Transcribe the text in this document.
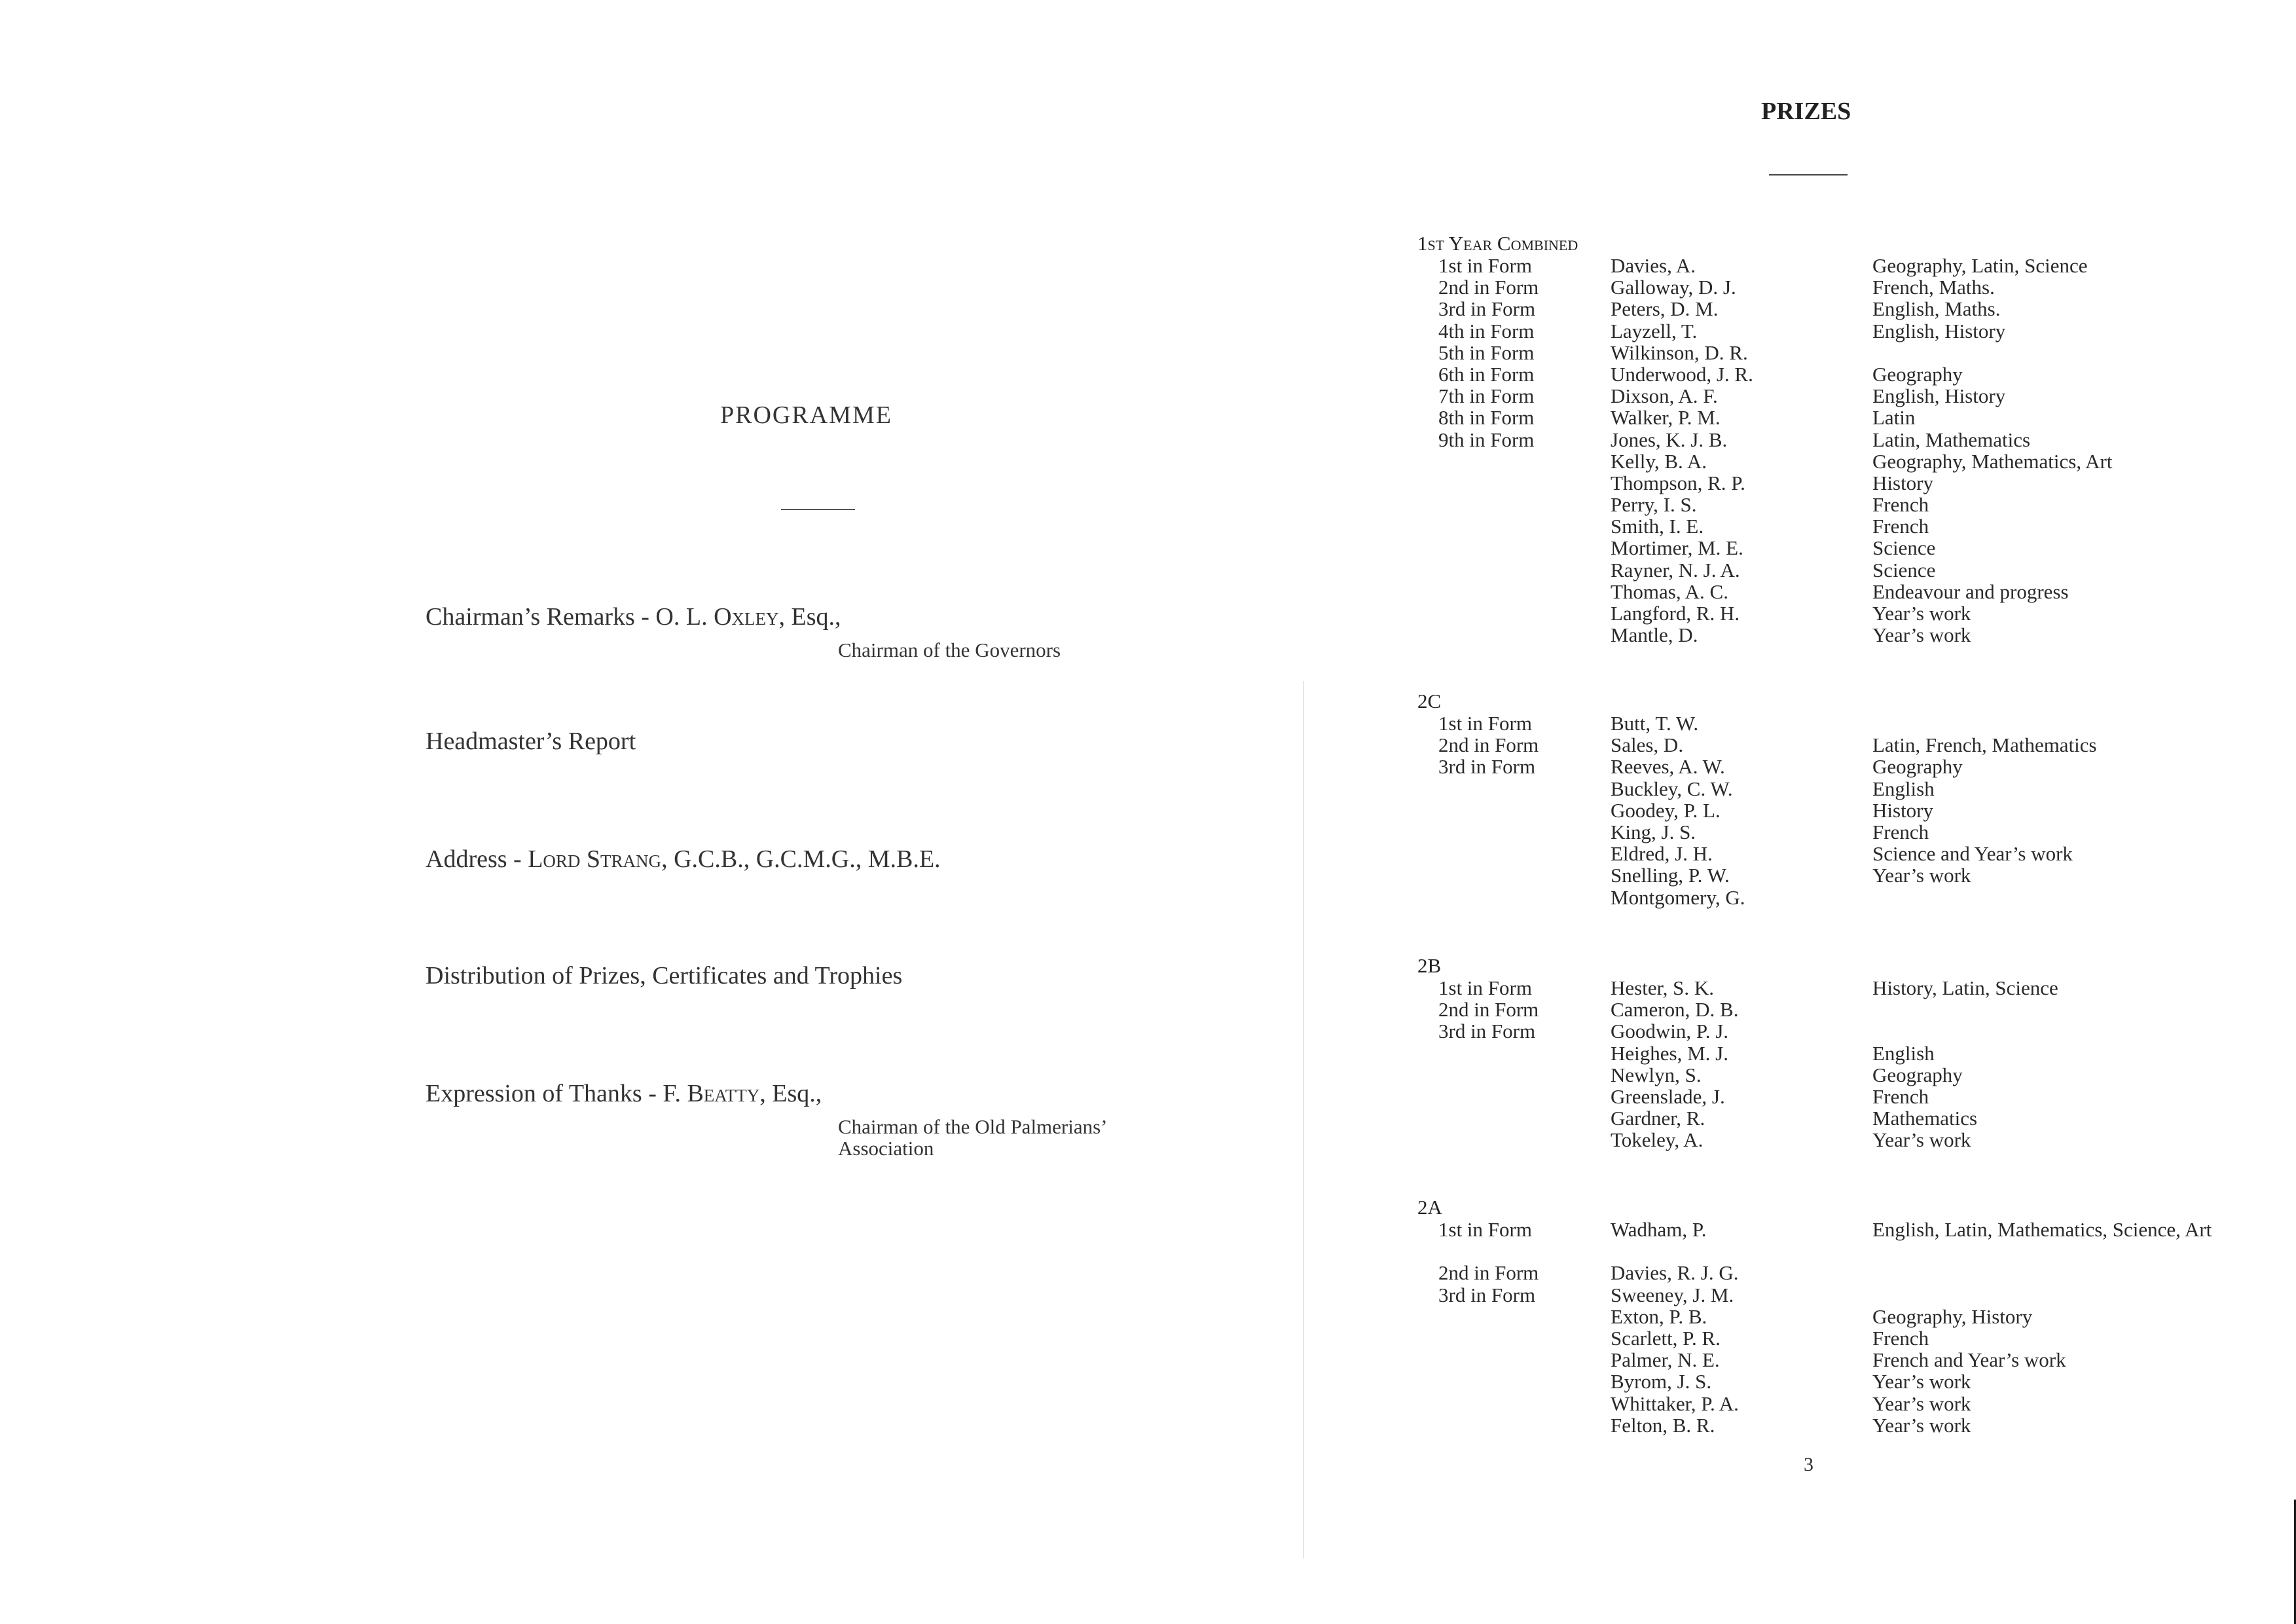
PROGRAMME
Chairman’s Remarks - O. L. Oxley, Esq.,
Chairman of the Governors
Headmaster’s Report
Address - Lord Strang, G.C.B., G.C.M.G., M.B.E.
Distribution of Prizes, Certificates and Trophies
Expression of Thanks - F. Beatty, Esq.,
Chairman of the Old Palmerians’
Association
PRIZES
1st Year Combined
1st in Form	Davies, A.	Geography, Latin, Science
2nd in Form	Galloway, D. J.	French, Maths.
3rd in Form	Peters, D. M.	English, Maths.
4th in Form	Layzell, T.	English, History
5th in Form	Wilkinson, D. R.
6th in Form	Underwood, J. R.	Geography
7th in Form	Dixson, A. F.	English, History
8th in Form	Walker, P. M.	Latin
9th in Form	Jones, K. J. B.	Latin, Mathematics
Kelly, B. A.	Geography, Mathematics, Art
Thompson, R. P.	History
Perry, I. S.	French
Smith, I. E.	French
Mortimer, M. E.	Science
Rayner, N. J. A.	Science
Thomas, A. C.	Endeavour and progress
Langford, R. H.	Year’s work
Mantle, D.	Year’s work
2C
1st in Form	Butt, T. W.
2nd in Form	Sales, D.	Latin, French, Mathematics
3rd in Form	Reeves, A. W.	Geography
Buckley, C. W.	English
Goodey, P. L.	History
King, J. S.	French
Eldred, J. H.	Science and Year’s work
Snelling, P. W.	Year’s work
Montgomery, G.
2B
1st in Form	Hester, S. K.	History, Latin, Science
2nd in Form	Cameron, D. B.
3rd in Form	Goodwin, P. J.
Heighes, M. J.	English
Newlyn, S.	Geography
Greenslade, J.	French
Gardner, R.	Mathematics
Tokeley, A.	Year’s work
2A
1st in Form	Wadham, P.	English, Latin, Mathematics, Science, Art
2nd in Form	Davies, R. J. G.
3rd in Form	Sweeney, J. M.
Exton, P. B.	Geography, History
Scarlett, P. R.	French
Palmer, N. E.	French and Year’s work
Byrom, J. S.	Year’s work
Whittaker, P. A.	Year’s work
Felton, B. R.	Year’s work
3
